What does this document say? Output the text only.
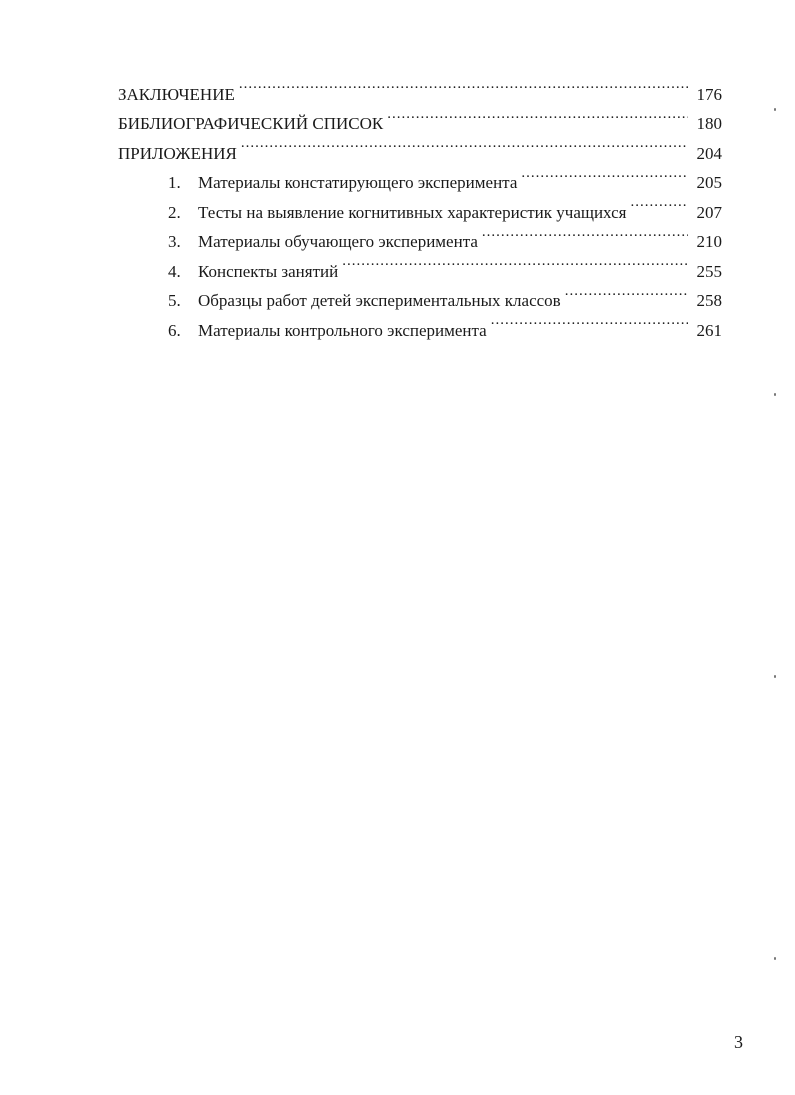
ЗАКЛЮЧЕНИЕ .....	176
БИБЛИОГРАФИЧЕСКИЙ СПИСОК .....	180
ПРИЛОЖЕНИЯ .....	204
1.	Материалы констатирующего эксперимента .....	205
2.	Тесты на выявление когнитивных характеристик учащихся .....	207
3.	Материалы обучающего эксперимента .....	210
4.	Конспекты занятий .....	255
5.	Образцы работ детей экспериментальных классов .....	258
6.	Материалы контрольного эксперимента .....	261
3
